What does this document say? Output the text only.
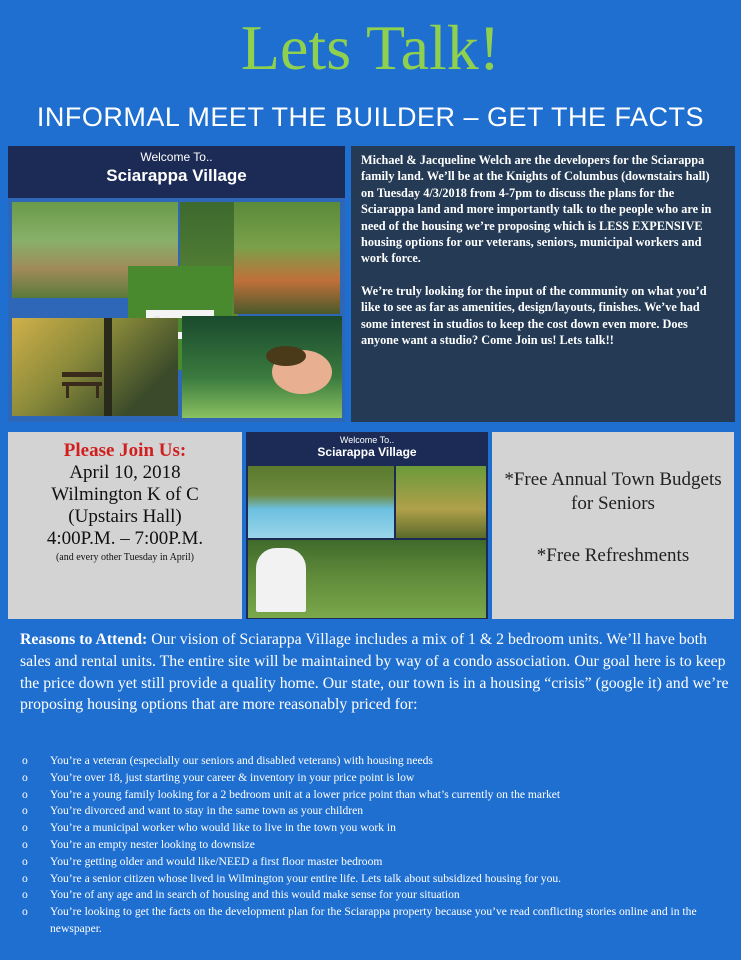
Lets Talk!
INFORMAL MEET THE BUILDER – GET THE FACTS
Welcome To..
Sciarappa Village

Michael & Jacqueline Welch are the developers for the Sciarappa family land. We’ll be at the Knights of Columbus (downstairs hall) on Tuesday 4/3/2018 from 4-7pm to discuss the plans for the Sciarappa land and more importantly talk to the people who are in need of the housing we’re proposing which is LESS EXPENSIVE housing options for our veterans, seniors, municipal workers and work force.

We’re truly looking for the input of the community on what you’d like to see as far as amenities, design/layouts, finishes. We’ve had some interest in studios to keep the cost down even more. Does anyone want a studio? Come Join us! Lets talk!!

Please Join Us:
April 10, 2018
Wilmington K of C
(Upstairs Hall)
4:00P.M. – 7:00P.M.
(and every other Tuesday in April)
Welcome To..
Sciarappa Village
*Free Annual Town Budgets for Seniors
*Free Refreshments
Reasons to Attend: Our vision of Sciarappa Village includes a mix of 1 & 2 bedroom units. We’ll have both sales and rental units. The entire site will be maintained by way of a condo association. Our goal here is to keep the price down yet still provide a quality home. Our state, our town is in a housing “crisis” (google it) and we’re proposing housing options that are more reasonably priced for:
o You’re a veteran (especially our seniors and disabled veterans) with housing needs
o You’re over 18, just starting your career & inventory in your price point is low
o You’re a young family looking for a 2 bedroom unit at a lower price point than what’s currently on the market
o You’re divorced and want to stay in the same town as your children
o You’re a municipal worker who would like to live in the town you work in
o You’re an empty nester looking to downsize
o You’re getting older and would like/NEED a first floor master bedroom
o You’re a senior citizen whose lived in Wilmington your entire life. Lets talk about subsidized housing for you.
o You’re of any age and in search of housing and this would make sense for your situation
o You’re looking to get the facts on the development plan for the Sciarappa property because you’ve read conflicting stories online and in the newspaper.
